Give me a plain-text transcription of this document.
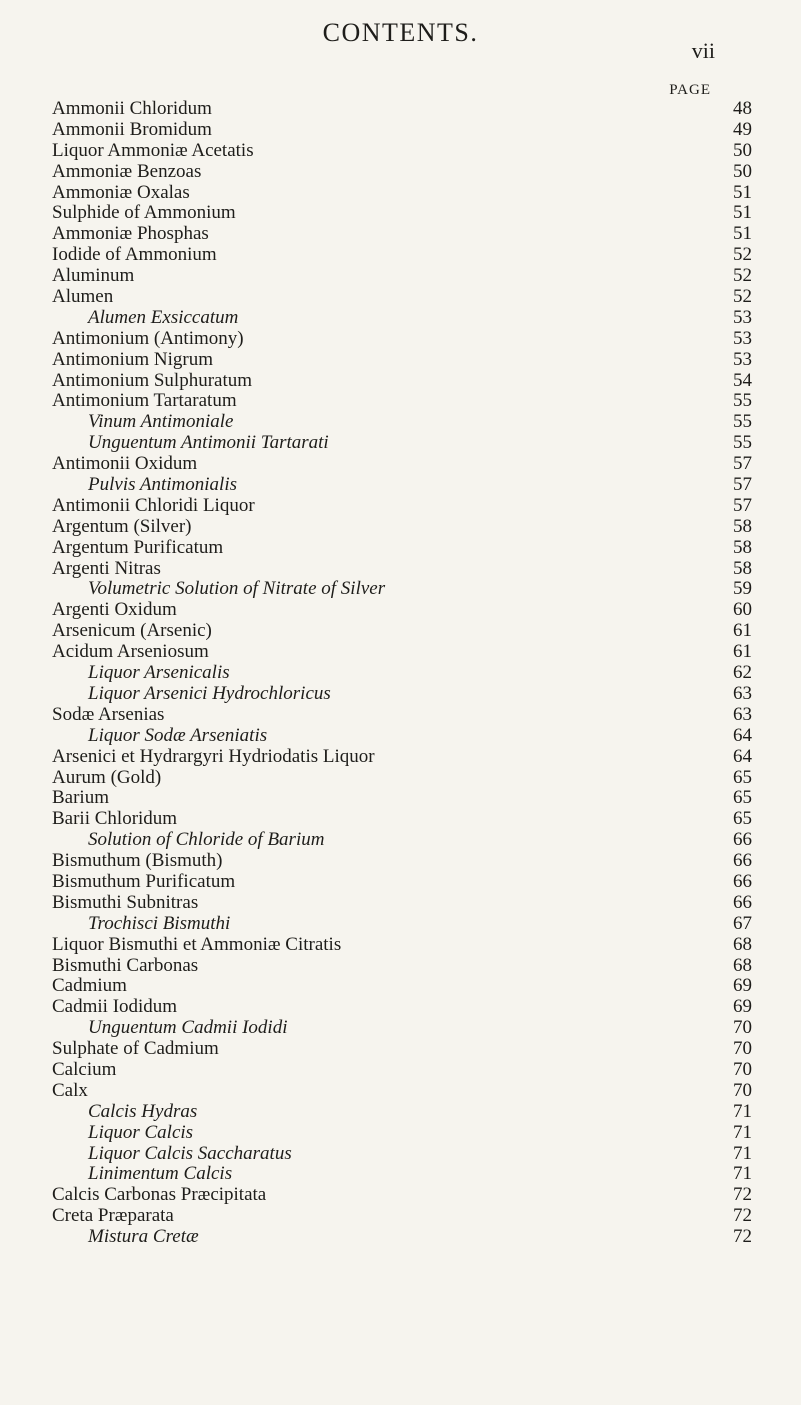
CONTENTS.
vii
PAGE
Ammonii Chloridum	48
Ammonii Bromidum	49
Liquor Ammoniæ Acetatis	50
Ammoniæ Benzoas	50
Ammoniæ Oxalas	51
Sulphide of Ammonium	51
Ammoniæ Phosphas	51
Iodide of Ammonium	52
Aluminum	52
Alumen	52
Alumen Exsiccatum	53
Antimonium (Antimony)	53
Antimonium Nigrum	53
Antimonium Sulphuratum	54
Antimonium Tartaratum	55
Vinum Antimoniale	55
Unguentum Antimonii Tartarati	55
Antimonii Oxidum	57
Pulvis Antimonialis	57
Antimonii Chloridi Liquor	57
Argentum (Silver)	58
Argentum Purificatum	58
Argenti Nitras	58
Volumetric Solution of Nitrate of Silver	59
Argenti Oxidum	60
Arsenicum (Arsenic)	61
Acidum Arseniosum	61
Liquor Arsenicalis	62
Liquor Arsenici Hydrochloricus	63
Sodæ Arsenias	63
Liquor Sodæ Arseniatis	64
Arsenici et Hydrargyri Hydriodatis Liquor	64
Aurum (Gold)	65
Barium	65
Barii Chloridum	65
Solution of Chloride of Barium	66
Bismuthum (Bismuth)	66
Bismuthum Purificatum	66
Bismuthi Subnitras	66
Trochisci Bismuthi	67
Liquor Bismuthi et Ammoniæ Citratis	68
Bismuthi Carbonas	68
Cadmium	69
Cadmii Iodidum	69
Unguentum Cadmii Iodidi	70
Sulphate of Cadmium	70
Calcium	70
Calx	70
Calcis Hydras	71
Liquor Calcis	71
Liquor Calcis Saccharatus	71
Linimentum Calcis	71
Calcis Carbonas Præcipitata	72
Creta Præparata	72
Mistura Cretæ	72
